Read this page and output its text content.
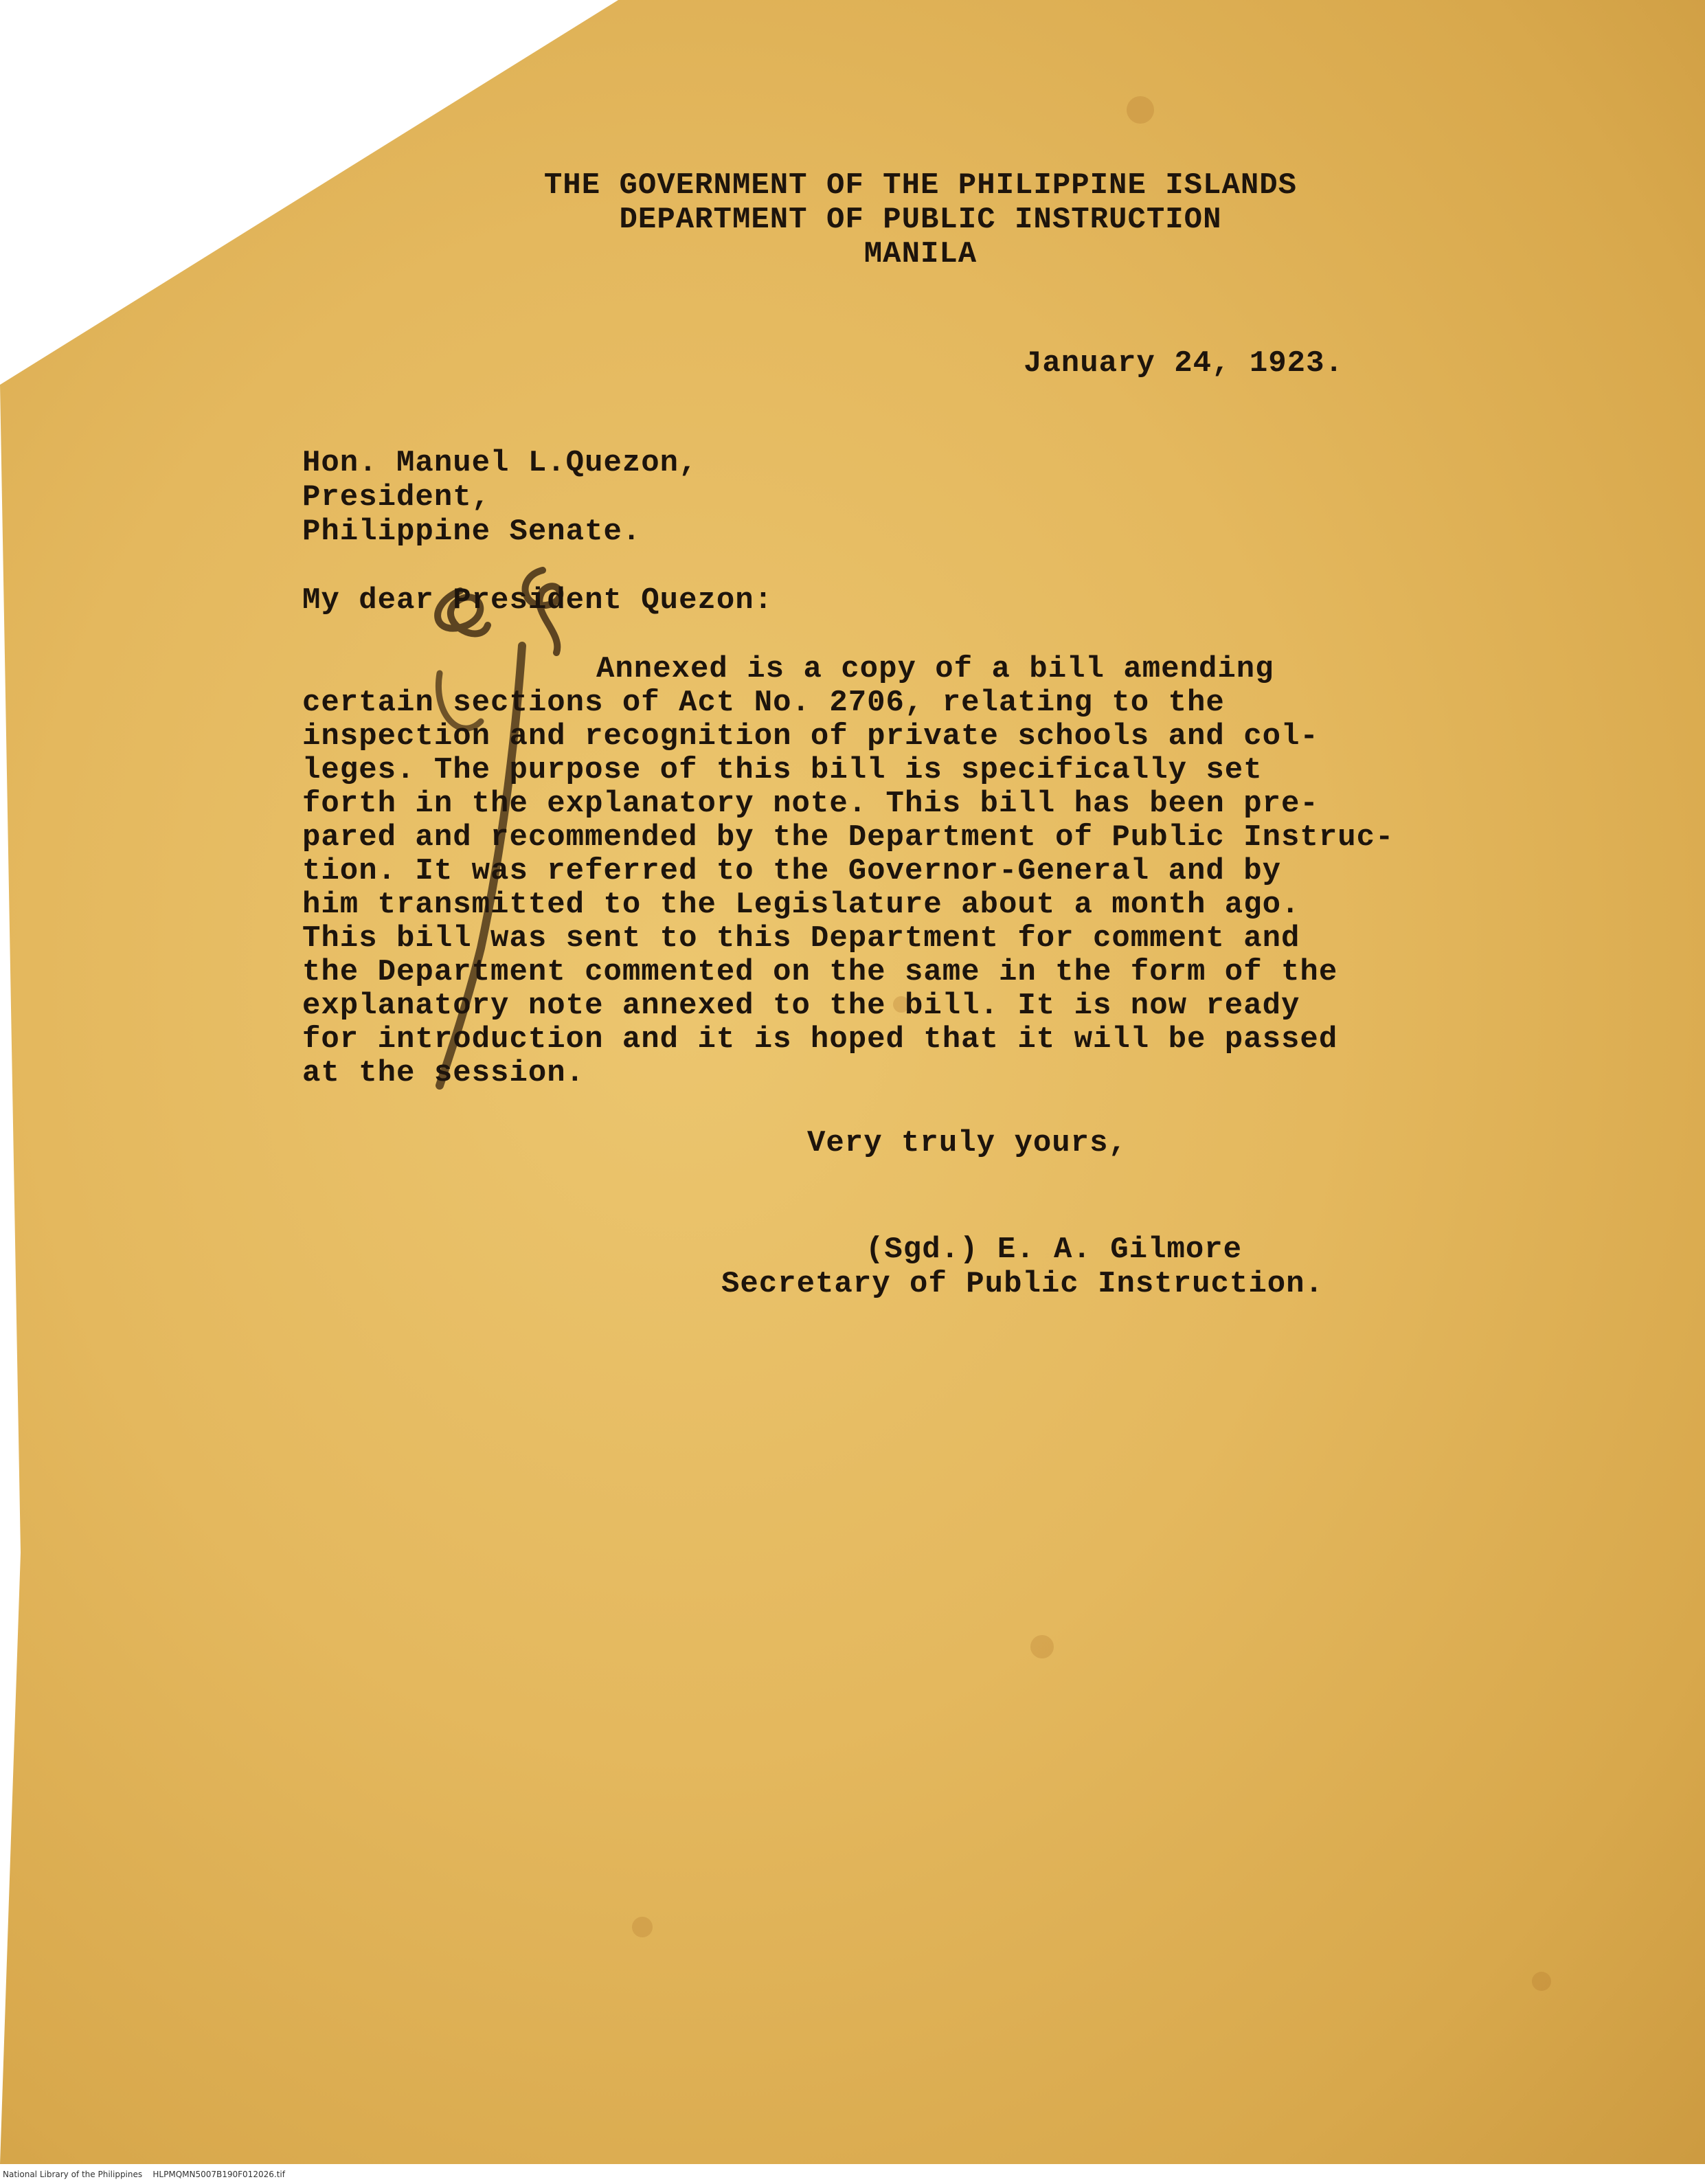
THE GOVERNMENT OF THE PHILIPPINE ISLANDS
DEPARTMENT OF PUBLIC INSTRUCTION
MANILA
January 24, 1923.
Hon. Manuel L.Quezon,
President,
Philippine Senate.
My dear President Quezon:
Annexed is a copy of a bill amending
certain sections of Act No. 2706, relating to the
inspection and recognition of private schools and col-
leges. The purpose of this bill is specifically set
forth in the explanatory note. This bill has been pre-
pared and recommended by the Department of Public Instruc-
tion. It was referred to the Governor-General and by
him transmitted to the Legislature about a month ago.
This bill was sent to this Department for comment and
the Department commented on the same in the form of the
explanatory note annexed to the bill. It is now ready
for introduction and it is hoped that it will be passed
at the session.
Very truly yours,
(Sgd.) E. A. Gilmore
Secretary of Public Instruction.
National Library of the Philippines    HLPMQMN5007B190F012026.tif
